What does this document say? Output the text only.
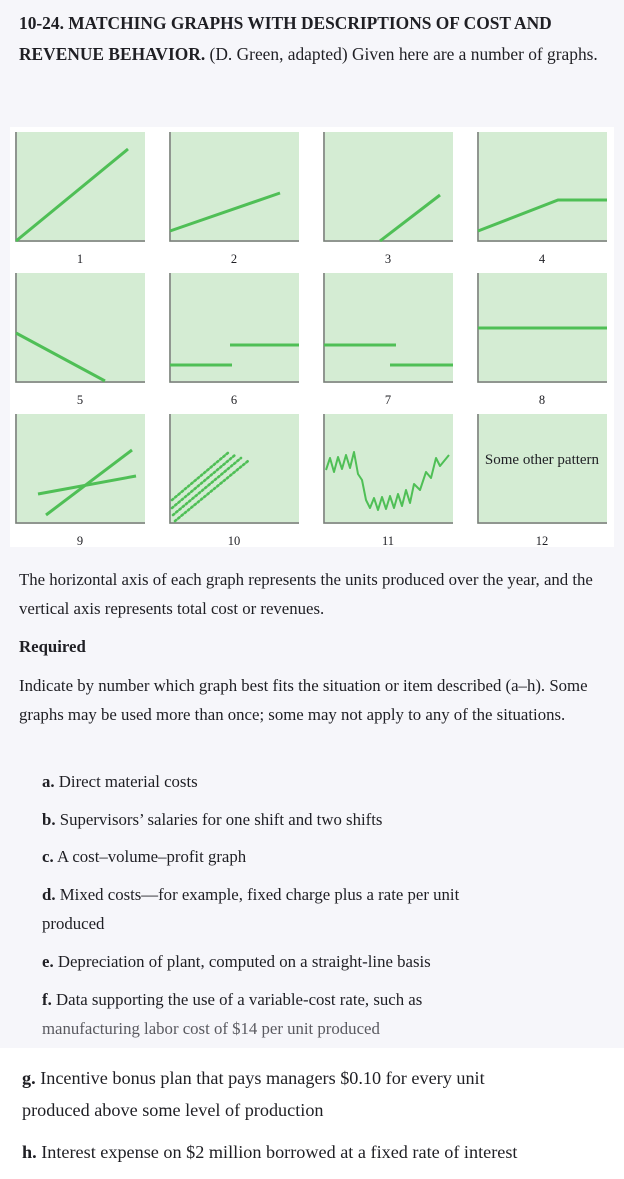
10-24. MATCHING GRAPHS WITH DESCRIPTIONS OF COST AND REVENUE BEHAVIOR. (D. Green, adapted) Given here are a number of graphs.
1	2	3	4
5	6	7	8
9	10	11
Some other pattern
12
The horizontal axis of each graph represents the units produced over the year, and the vertical axis represents total cost or revenues.
Required
Indicate by number which graph best fits the situation or item described (a–h). Some graphs may be used more than once; some may not apply to any of the situations.
a. Direct material costs
b. Supervisors’ salaries for one shift and two shifts
c. A cost–volume–profit graph
d. Mixed costs—for example, fixed charge plus a rate per unit
produced
e. Depreciation of plant, computed on a straight-line basis
f. Data supporting the use of a variable-cost rate, such as
manufacturing labor cost of $14 per unit produced
g. Incentive bonus plan that pays managers $0.10 for every unit
produced above some level of production
h. Interest expense on $2 million borrowed at a fixed rate of interest
